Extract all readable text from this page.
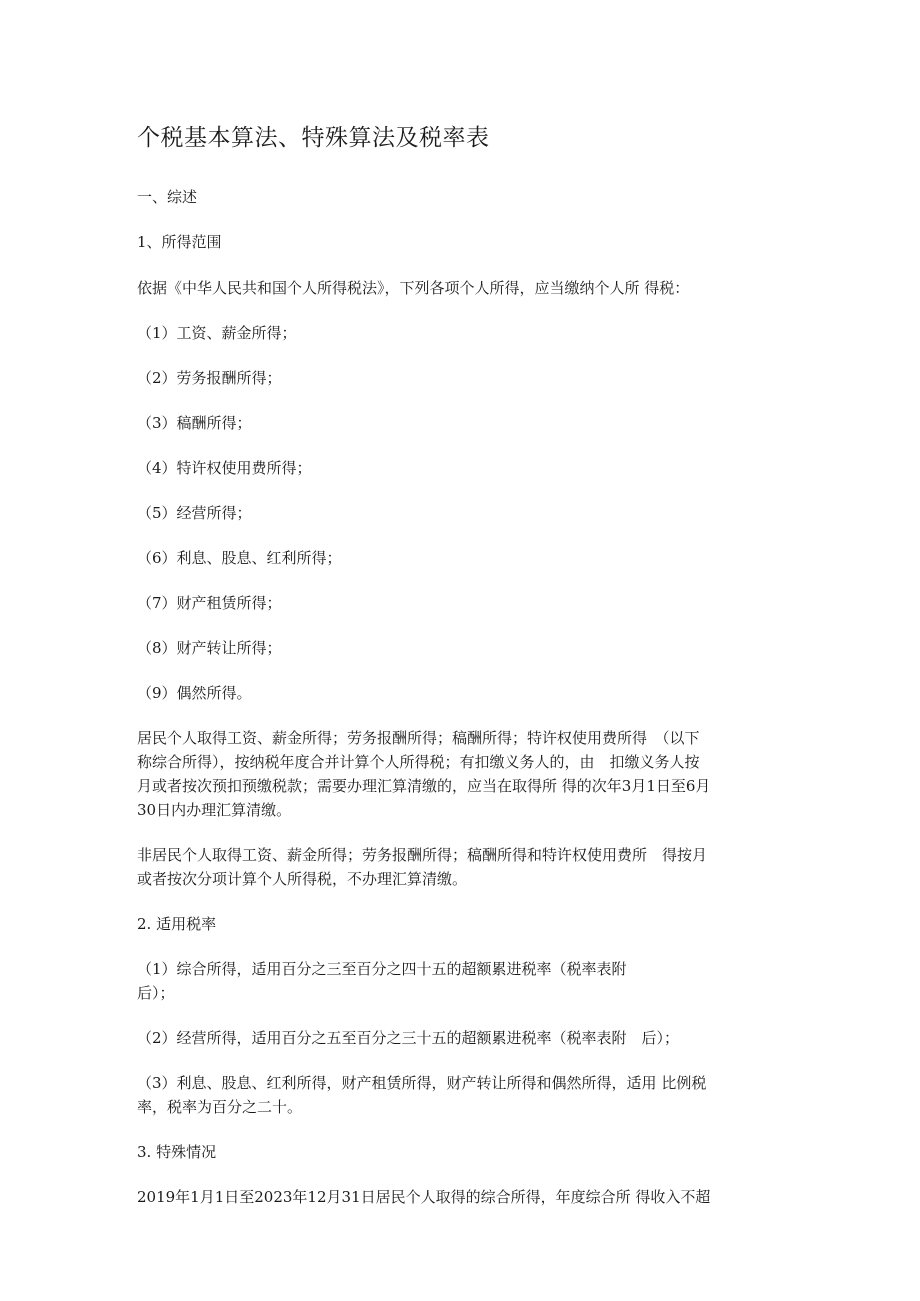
个税基本算法、特殊算法及税率表
一、综述
1、所得范围
依据《中华人民共和国个人所得税法》，下列各项个人所得，应当缴纳个人所 得税：
（1）工资、薪金所得；
（2）劳务报酬所得；
（3）稿酬所得；
（4）特许权使用费所得；
（5）经营所得；
（6）利息、股息、红利所得；
（7）财产租赁所得；
（8）财产转让所得；
（9）偶然所得。
居民个人取得工资、薪金所得；劳务报酬所得；稿酬所得；特许权使用费所得　（以下
称综合所得），按纳税年度合并计算个人所得税；有扣缴义务人的，由　扣缴义务人按
月或者按次预扣预缴税款；需要办理汇算清缴的，应当在取得所 得的次年3月1日至6月
30日内办理汇算清缴。
非居民个人取得工资、薪金所得；劳务报酬所得；稿酬所得和特许权使用费所　得按月
或者按次分项计算个人所得税，不办理汇算清缴。
2. 适用税率
（1）综合所得，适用百分之三至百分之四十五的超额累进税率（税率表附
后）；
（2）经营所得，适用百分之五至百分之三十五的超额累进税率（税率表附　后）；
（3）利息、股息、红利所得，财产租赁所得，财产转让所得和偶然所得，适用 比例税
率，税率为百分之二十。
3. 特殊情况
2019年1月1日至2023年12月31日居民个人取得的综合所得，年度综合所 得收入不超
